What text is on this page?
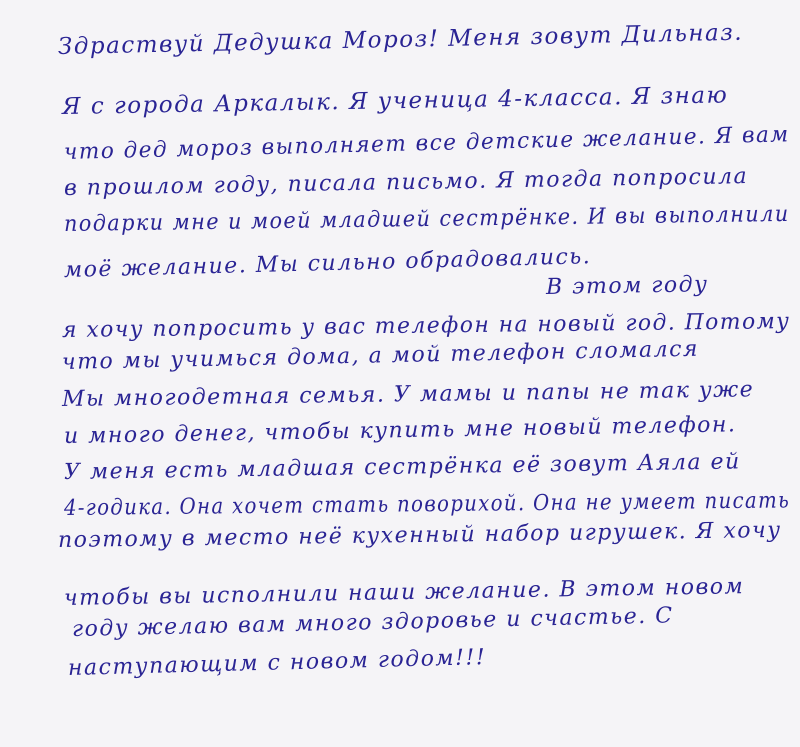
Здраствуй Дедушка Мороз! Меня зовут Дильназ.
Я с города Аркалык. Я ученица 4-класса. Я знаю
что дед мороз выполняет все детские желание. Я вам
в прошлом году, писала письмо. Я тогда попросила
подарки мне и моей младшей сестрёнке. И вы выполнили
моё желание. Мы сильно обрадовались.
В этом году
я хочу попросить у вас телефон на новый год. Потому
что мы учимься дома, а мой телефон сломался
Мы многодетная семья. У мамы и папы не так уже
и много денег, чтобы купить мне новый телефон.
У меня есть младшая сестрёнка её зовут Аяла ей
4-годика. Она хочет стать поворихой. Она не умеет писать
поэтому в место неё кухенный набор игрушек. Я хочу
чтобы вы исполнили наши желание. В этом новом
году желаю вам много здоровье и счастье. С
наступающим с новом годом!!!
